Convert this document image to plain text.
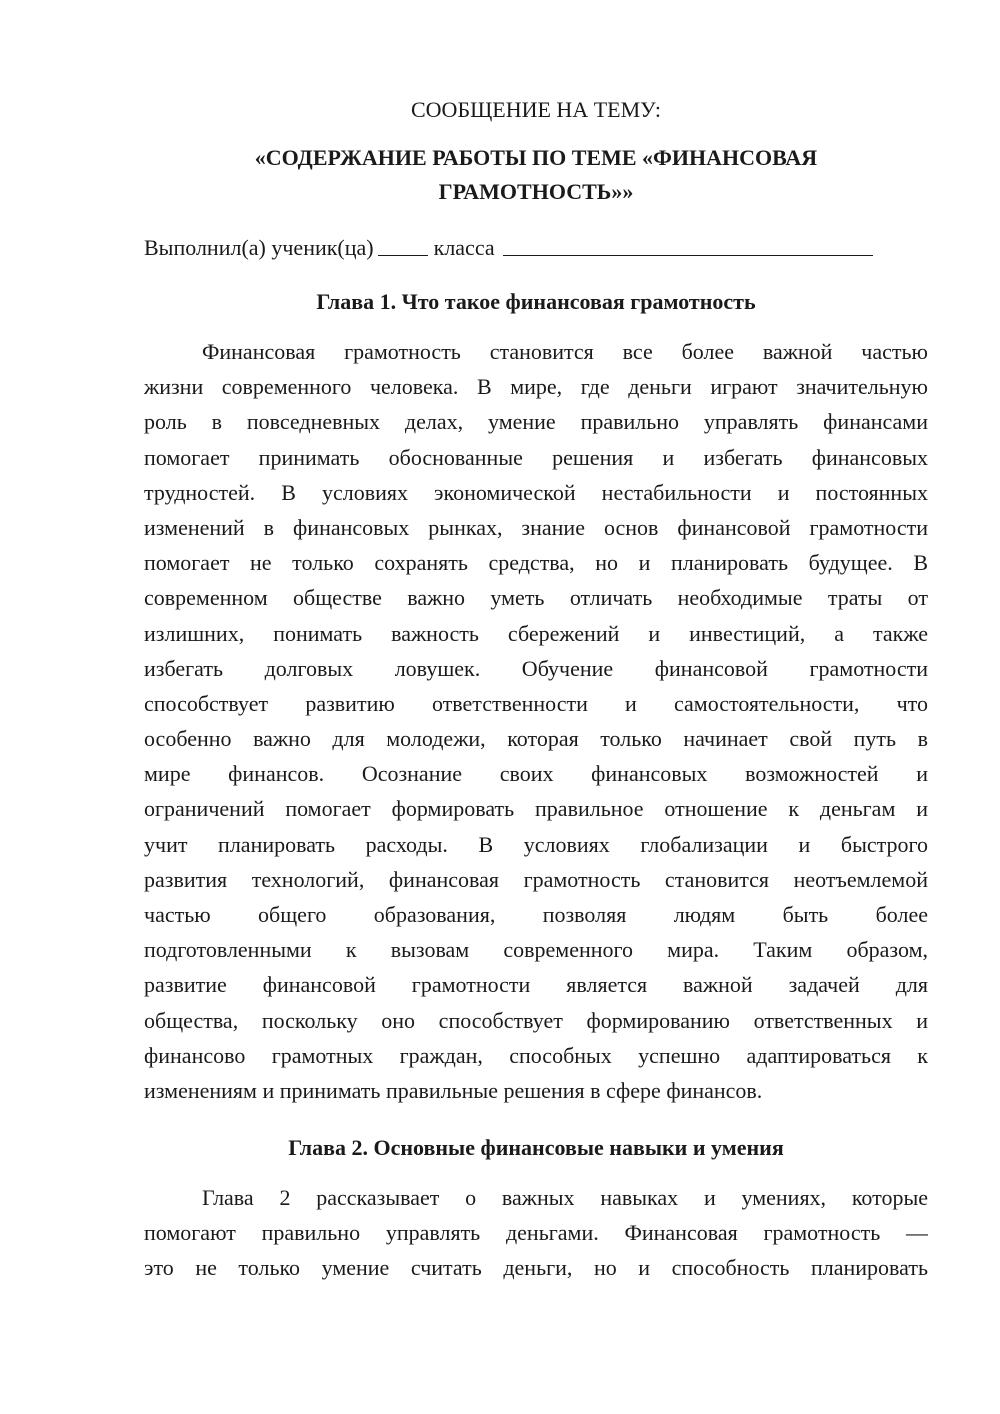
СООБЩЕНИЕ НА ТЕМУ:
«СОДЕРЖАНИЕ РАБОТЫ ПО ТЕМЕ «ФИНАНСОВАЯ
ГРАМОТНОСТЬ»»
Выполнил(а) ученик(ца)	класса
Глава 1. Что такое финансовая грамотность
Финансовая грамотность становится все более важной частью
жизни современного человека. В мире, где деньги играют значительную
роль в повседневных делах, умение правильно управлять финансами
помогает принимать обоснованные решения и избегать финансовых
трудностей. В условиях экономической нестабильности и постоянных
изменений в финансовых рынках, знание основ финансовой грамотности
помогает не только сохранять средства, но и планировать будущее. В
современном обществе важно уметь отличать необходимые траты от
излишних, понимать важность сбережений и инвестиций, а также
избегать долговых ловушек. Обучение финансовой грамотности
способствует развитию ответственности и самостоятельности, что
особенно важно для молодежи, которая только начинает свой путь в
мире финансов. Осознание своих финансовых возможностей и
ограничений помогает формировать правильное отношение к деньгам и
учит планировать расходы. В условиях глобализации и быстрого
развития технологий, финансовая грамотность становится неотъемлемой
частью общего образования, позволяя людям быть более
подготовленными к вызовам современного мира. Таким образом,
развитие финансовой грамотности является важной задачей для
общества, поскольку оно способствует формированию ответственных и
финансово грамотных граждан, способных успешно адаптироваться к
изменениям и принимать правильные решения в сфере финансов.
Глава 2. Основные финансовые навыки и умения
Глава 2 рассказывает о важных навыках и умениях, которые
помогают правильно управлять деньгами. Финансовая грамотность —
это не только умение считать деньги, но и способность планировать
